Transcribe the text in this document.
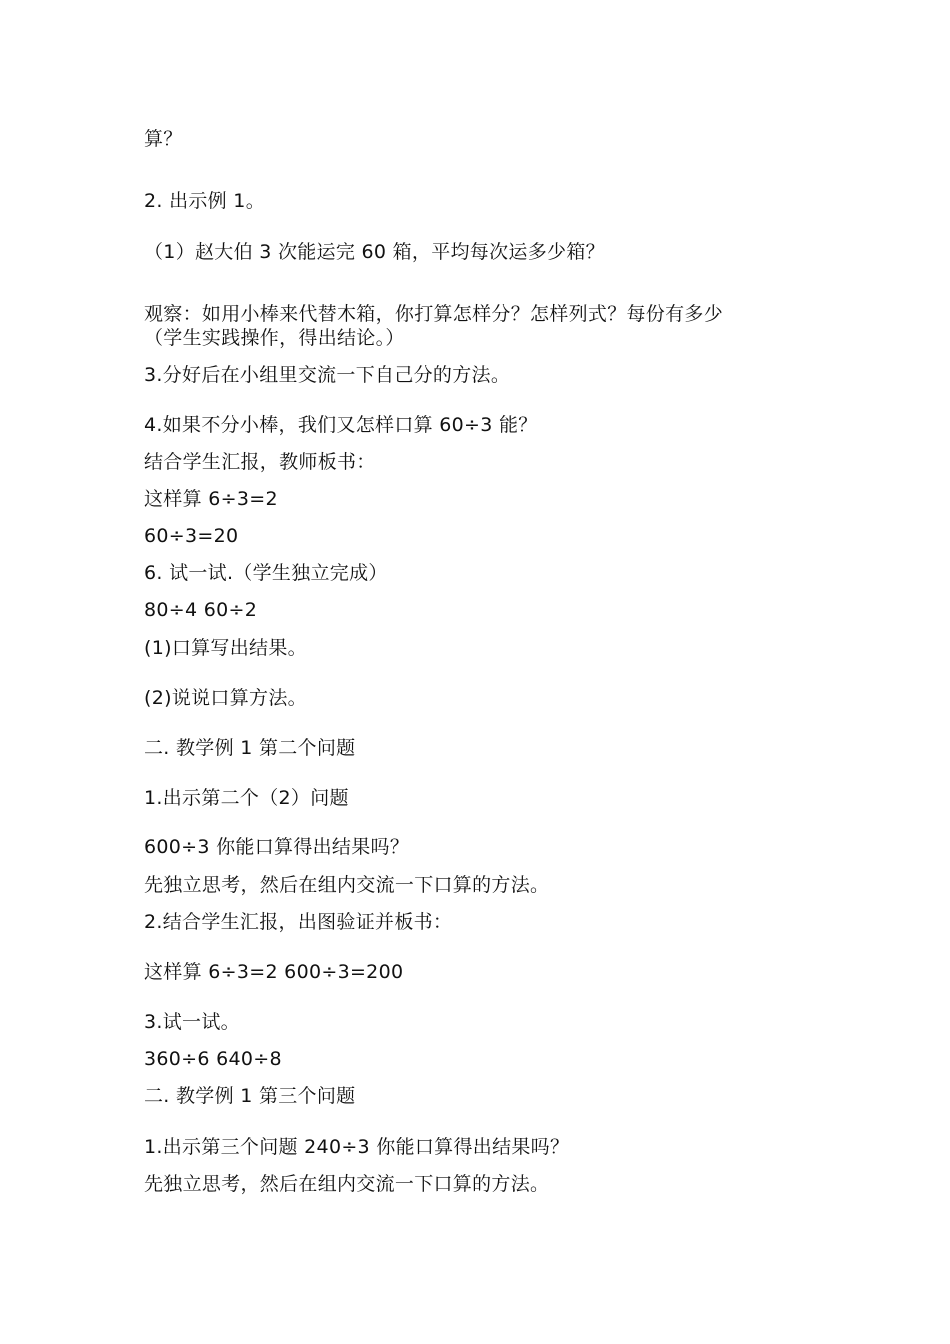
算？
2. 出示例 1。
（1）赵大伯 3 次能运完 60 箱，平均每次运多少箱？
观察：如用小棒来代替木箱，你打算怎样分？怎样列式？每份有多少
（学生实践操作，得出结论。）
3.分好后在小组里交流一下自己分的方法。
4.如果不分小棒，我们又怎样口算 60÷3 能？
结合学生汇报，教师板书：
这样算 6÷3=2
60÷3=20
6. 试一试.（学生独立完成）
80÷4 60÷2
(1)口算写出结果。
(2)说说口算方法。
二. 教学例 1 第二个问题
1.出示第二个（2）问题
600÷3 你能口算得出结果吗？
先独立思考，然后在组内交流一下口算的方法。
2.结合学生汇报，出图验证并板书：
这样算 6÷3=2 600÷3=200
3.试一试。
360÷6 640÷8
二. 教学例 1 第三个问题
1.出示第三个问题 240÷3 你能口算得出结果吗？
先独立思考，然后在组内交流一下口算的方法。
